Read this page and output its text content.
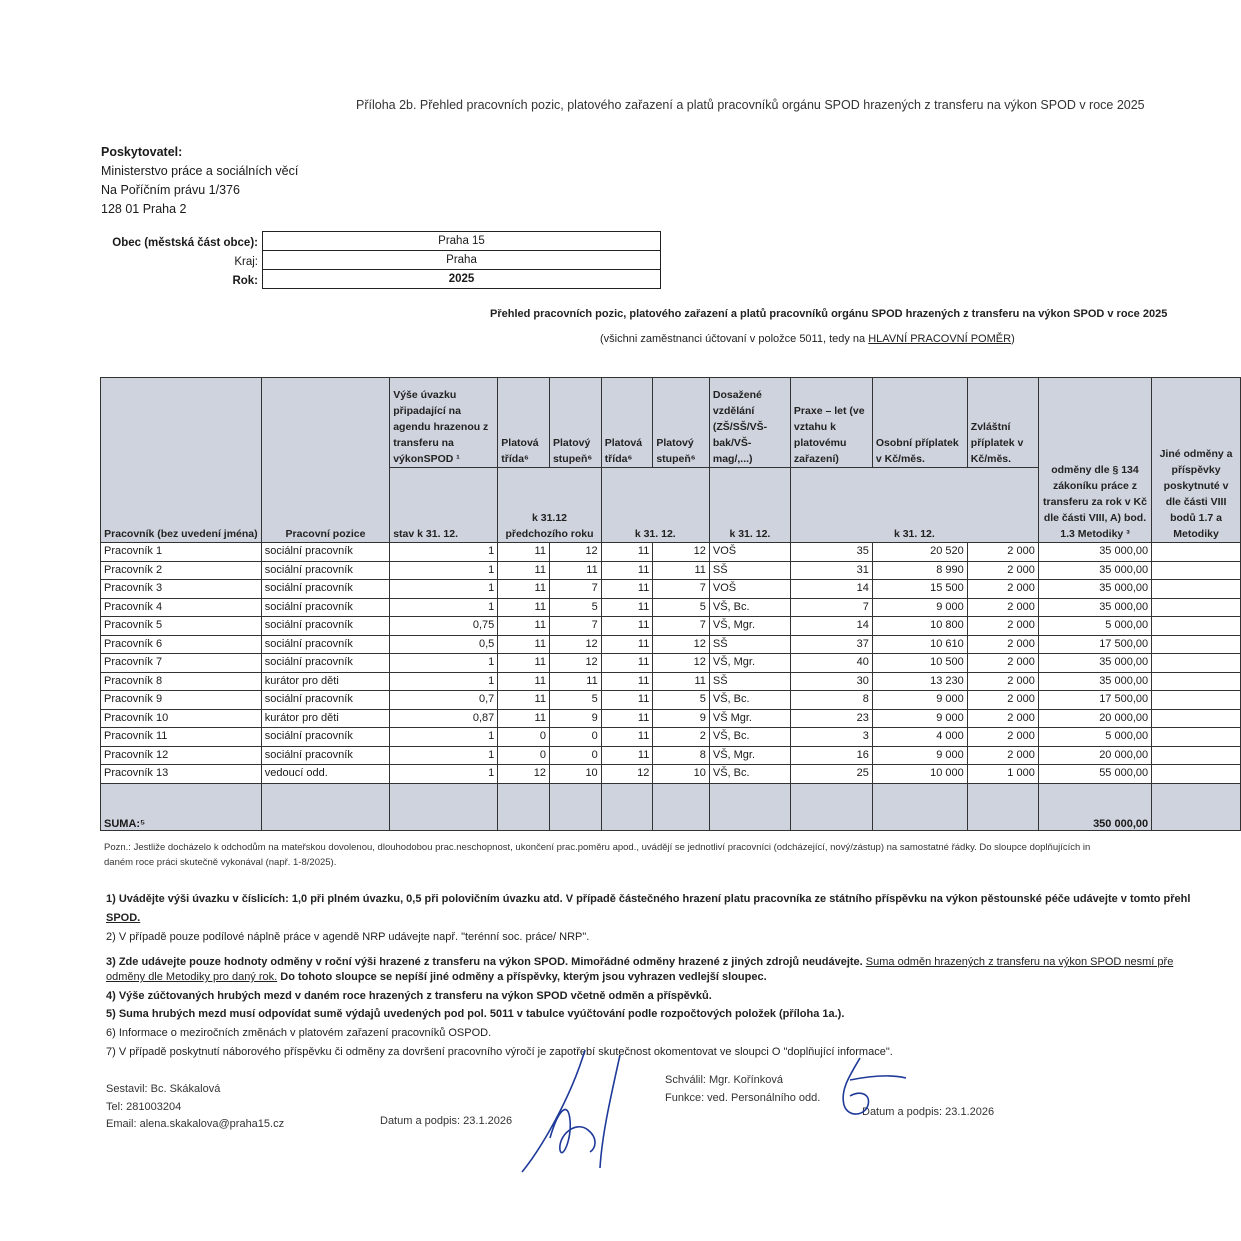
Příloha 2b. Přehled pracovních pozic, platového zařazení a platů pracovníků orgánu SPOD hrazených z transferu na výkon SPOD v roce 2025
Poskytovatel:
Ministerstvo práce a sociálních věcí
Na Poříčním právu 1/376
128 01 Praha 2
Obec (městská část obce):	Praha 15
Kraj:	Praha
Rok:	2025
Přehled pracovních pozic, platového zařazení a platů pracovníků orgánu SPOD hrazených z transferu na výkon SPOD v roce 2025
(všichni zaměstnanci účtovaní v položce 5011, tedy na HLAVNÍ PRACOVNÍ POMĚR)
Pracovník (bez uvedení jména)	Pracovní pozice	Výše úvazku připadající na agendu hrazenou z transferu na výkonSPOD ¹	Platová třída⁶	Platový stupeň⁶	Platová třída⁶	Platový stupeň⁶	Dosažené vzdělání (ZŠ/SŠ/VŠ-bak/VŠ-mag/,...)	Praxe – let (ve vztahu k platovému zařazení)	Osobní příplatek v Kč/měs.	Zvláštní příplatek v Kč/měs.	odměny dle § 134 zákoníku práce z transferu za rok v Kč dle části VIII, A) bod. 1.3 Metodiky ³	Jiné odměny a příspěvky poskytnuté v dle části VIII bodů 1.7 a Metodiky
		stav k 31. 12.	k 31.12 předchozího roku		k 31. 12.		k 31. 12.	k 31. 12.				
Pracovník 1	sociální pracovník	1	11	12	11	12	VOŠ	35	20 520	2 000	35 000,00	
Pracovník 2	sociální pracovník	1	11	11	11	11	SŠ	31	8 990	2 000	35 000,00	
Pracovník 3	sociální pracovník	1	11	7	11	7	VOŠ	14	15 500	2 000	35 000,00	
Pracovník 4	sociální pracovník	1	11	5	11	5	VŠ, Bc.	7	9 000	2 000	35 000,00	
Pracovník 5	sociální pracovník	0,75	11	7	11	7	VŠ, Mgr.	14	10 800	2 000	5 000,00	
Pracovník 6	sociální pracovník	0,5	11	12	11	12	SŠ	37	10 610	2 000	17 500,00	
Pracovník 7	sociální pracovník	1	11	12	11	12	VŠ, Mgr.	40	10 500	2 000	35 000,00	
Pracovník 8	kurátor pro děti	1	11	11	11	11	SŠ	30	13 230	2 000	35 000,00	
Pracovník 9	sociální pracovník	0,7	11	5	11	5	VŠ, Bc.	8	9 000	2 000	17 500,00	
Pracovník 10	kurátor pro děti	0,87	11	9	11	9	VŠ Mgr.	23	9 000	2 000	20 000,00	
Pracovník 11	sociální pracovník	1	0	0	11	2	VŠ, Bc.	3	4 000	2 000	5 000,00	
Pracovník 12	sociální pracovník	1	0	0	11	8	VŠ, Mgr.	16	9 000	2 000	20 000,00	
Pracovník 13	vedoucí odd.	1	12	10	12	10	VŠ, Bc.	25	10 000	1 000	55 000,00	
SUMA:⁵											350 000,00	
Pozn.: Jestliže docházelo k odchodům na mateřskou dovolenou, dlouhodobou prac.neschopnost, ukončení prac.poměru apod., uvádějí se jednotliví pracovníci (odcházející, nový/zástup) na samostatné řádky. Do sloupce doplňujících in
daném roce práci skutečně vykonával (např. 1-8/2025).
1) Uvádějte výši úvazku v číslicích: 1,0 při plném úvazku, 0,5 při polovičním úvazku atd. V případě částečného hrazení platu pracovníka ze státního příspěvku na výkon pěstounské péče udávejte v tomto přehl
SPOD.
2) V případě pouze podílové náplně práce v agendě NRP udávejte např. "terénní soc. práce/ NRP".
3) Zde udávejte pouze hodnoty odměny v roční výši hrazené z transferu na výkon SPOD. Mimořádné odměny hrazené z jiných zdrojů neudávejte. Suma odměn hrazených z transferu na výkon SPOD nesmí pře
odměny dle Metodiky pro daný rok. Do tohoto sloupce se nepíší jiné odměny a příspěvky, kterým jsou vyhrazen vedlejší sloupec.
4) Výše zúčtovaných hrubých mezd v daném roce hrazených z transferu na výkon SPOD včetně odměn a příspěvků.
5) Suma hrubých mezd musí odpovídat sumě výdajů uvedených pod pol. 5011 v tabulce vyúčtování podle rozpočtových položek (příloha 1a.).
6) Informace o meziročních změnách v platovém zařazení pracovníků OSPOD.
7) V případě poskytnutí náborového příspěvku či odměny za dovršení pracovního výročí je zapotřebí skutečnost okomentovat ve sloupci O "doplňující informace".
Sestavil: Bc. Skákalová
Tel: 281003204
Email: alena.skakalova@praha15.cz	Datum a podpis: 23.1.2026
Schválil: Mgr. Kořínková
Funkce: ved. Personálního odd.
Datum a podpis: 23.1.2026
